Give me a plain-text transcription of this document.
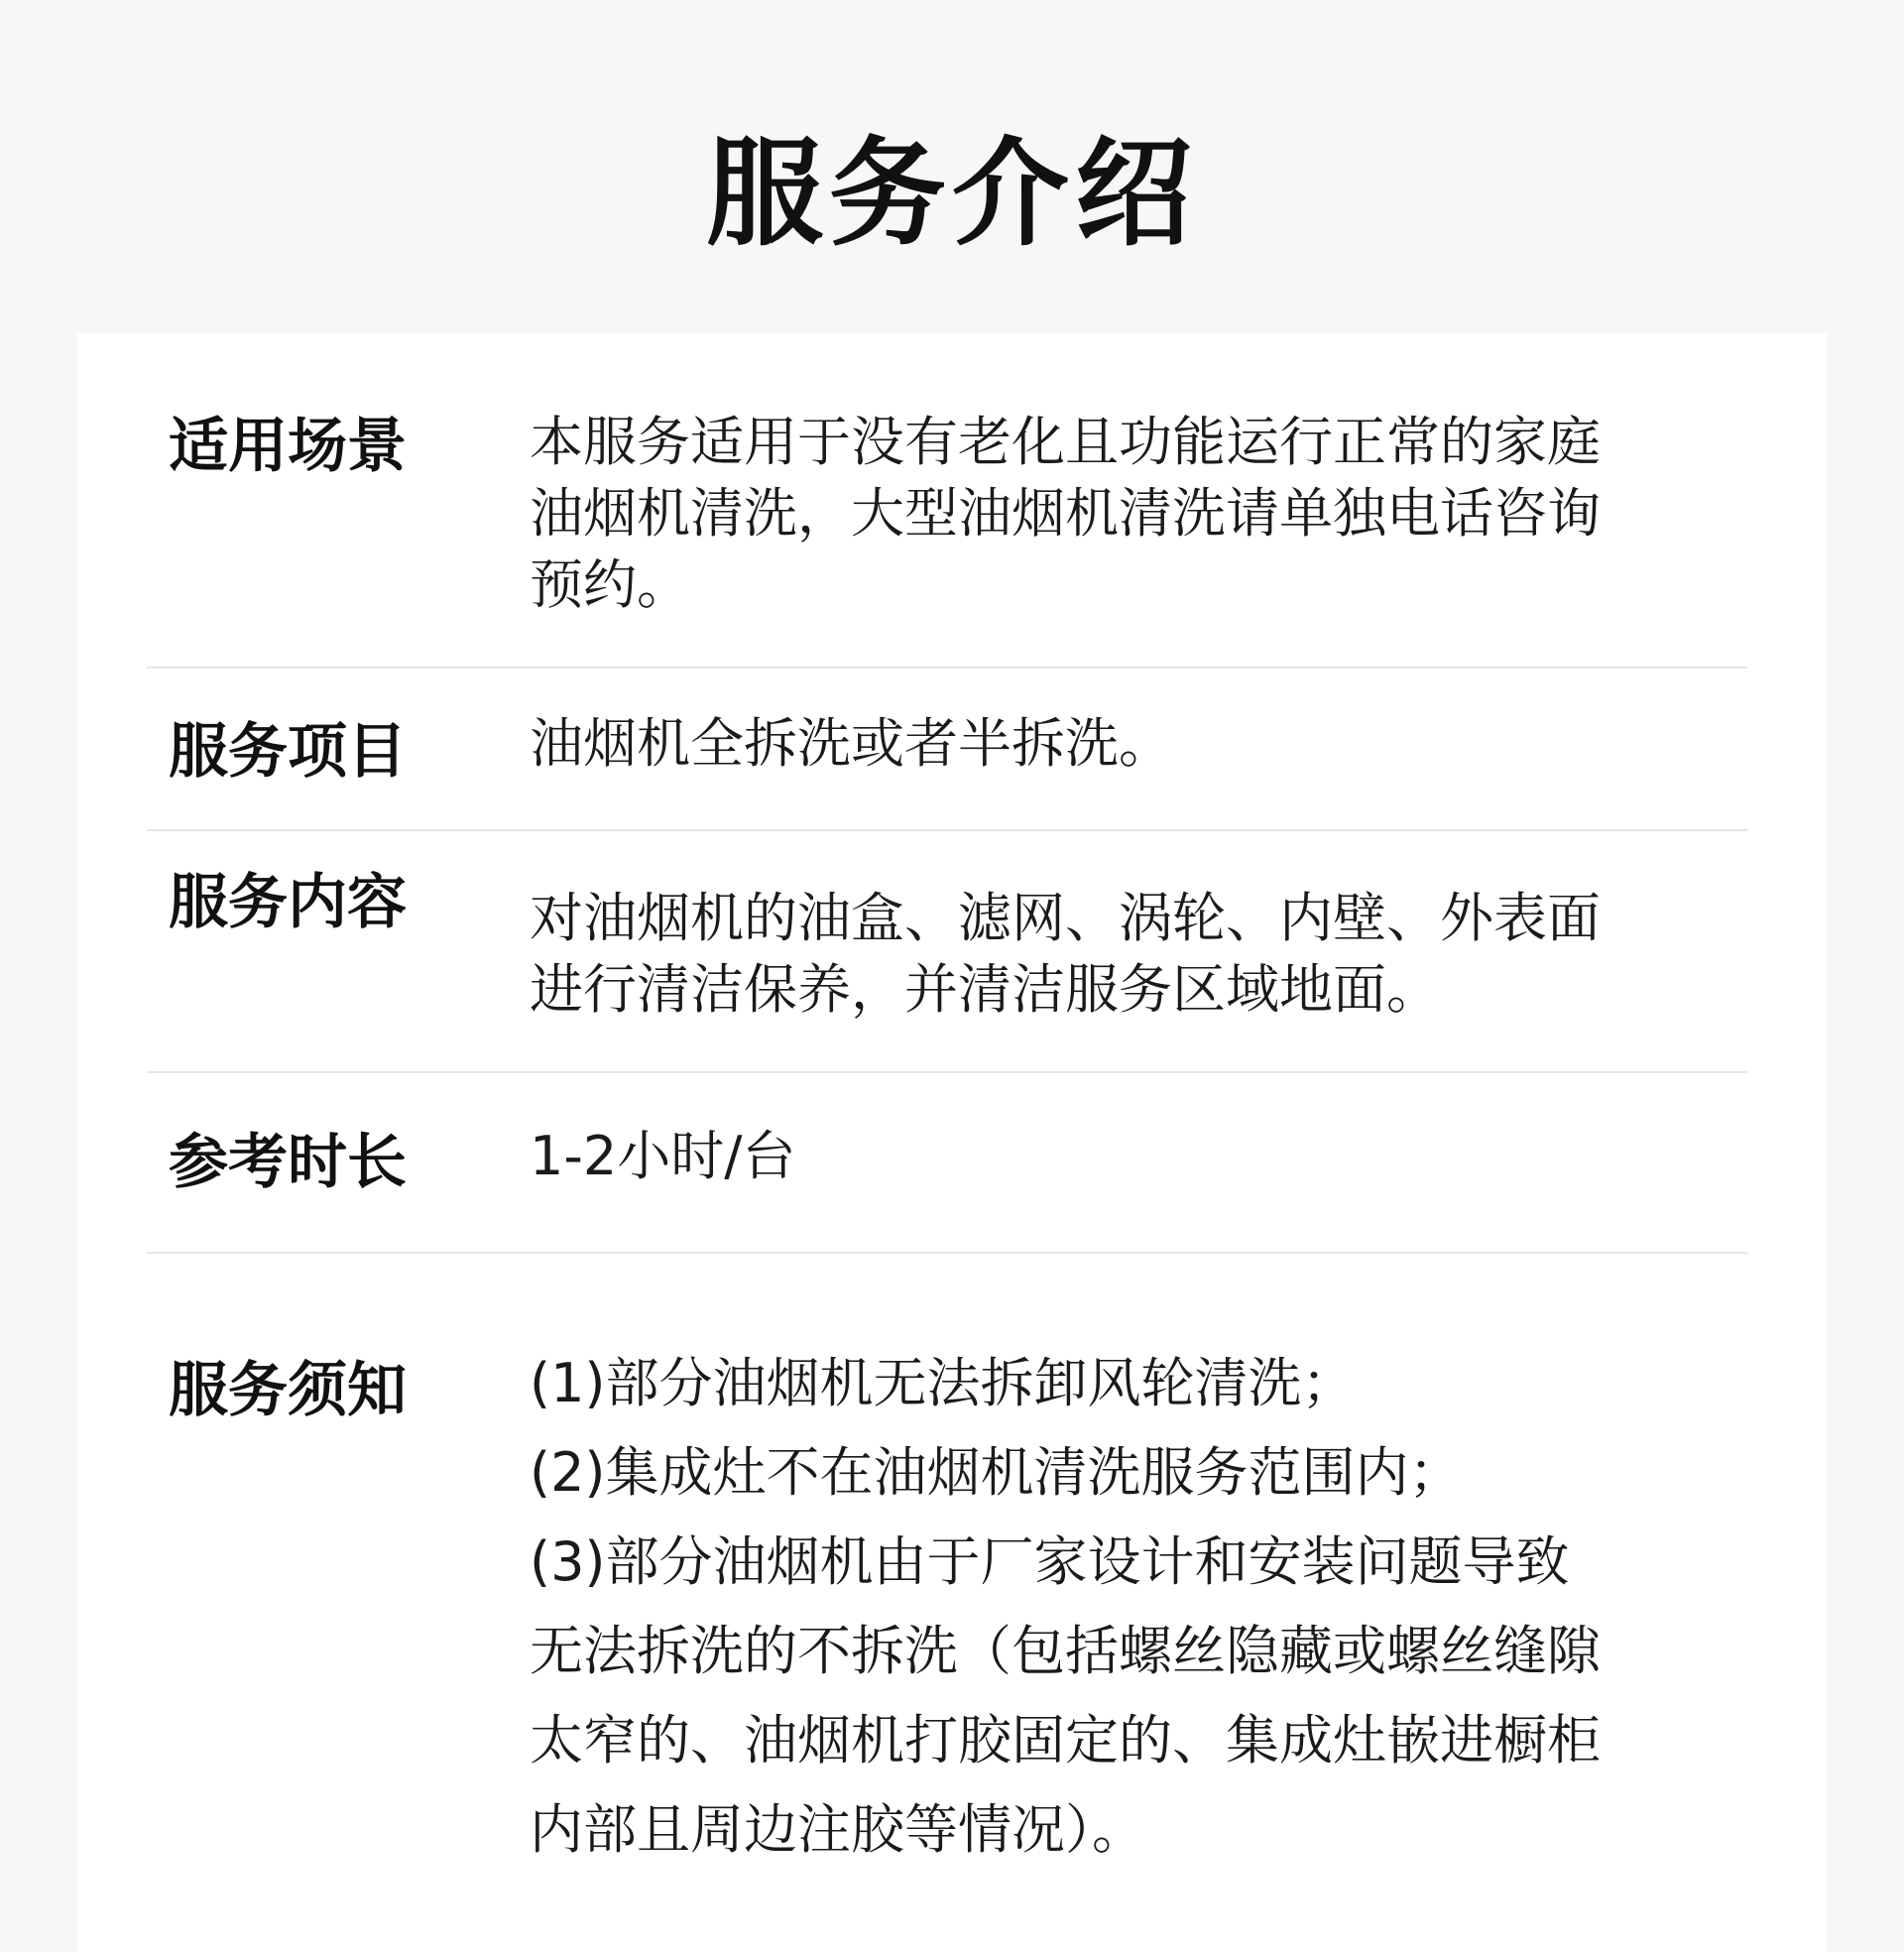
服务介绍
适用场景 本服务适用于没有老化且功能运行正常的家庭
油烟机清洗，大型油烟机清洗请单独电话咨询
预约。
服务项目 油烟机全拆洗或者半拆洗。
服务内容 对油烟机的油盒、滤网、涡轮、内壁、外表面
进行清洁保养，并清洁服务区域地面。
参考时长 1-2小时/台
服务须知 (1)部分油烟机无法拆卸风轮清洗；
(2)集成灶不在油烟机清洗服务范围内；
(3)部分油烟机由于厂家设计和安装问题导致
无法拆洗的不拆洗（包括螺丝隐藏或螺丝缝隙
太窄的、油烟机打胶固定的、集成灶嵌进橱柜
内部且周边注胶等情况）。
